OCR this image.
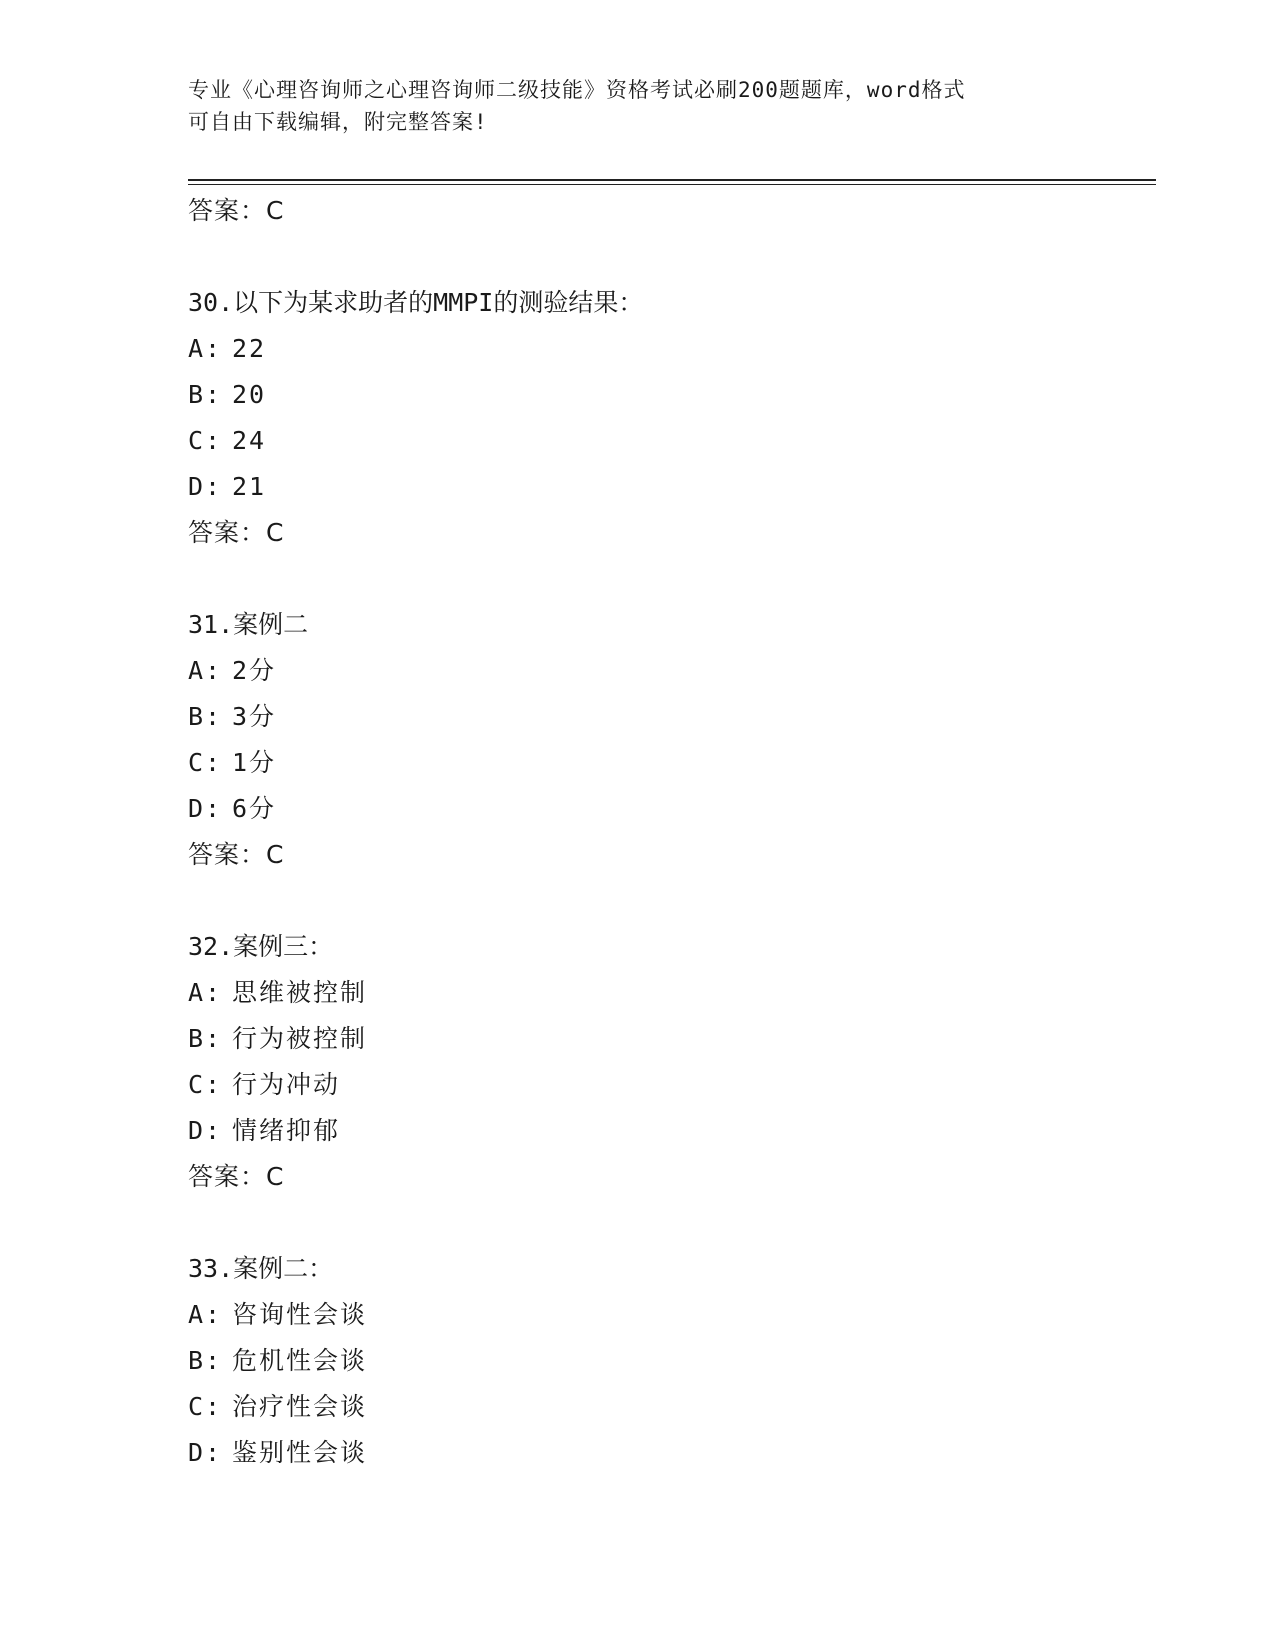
专业《心理咨询师之心理咨询师二级技能》资格考试必刷200题题库，word格式
可自由下载编辑，附完整答案!
答案：C
30.以下为某求助者的MMPI的测验结果：
A: 22
B: 20
C: 24
D: 21
答案：C
31.案例二
A: 2分
B: 3分
C: 1分
D: 6分
答案：C
32.案例三：
A: 思维被控制
B: 行为被控制
C: 行为冲动
D: 情绪抑郁
答案：C
33.案例二：
A: 咨询性会谈
B: 危机性会谈
C: 治疗性会谈
D: 鉴别性会谈
